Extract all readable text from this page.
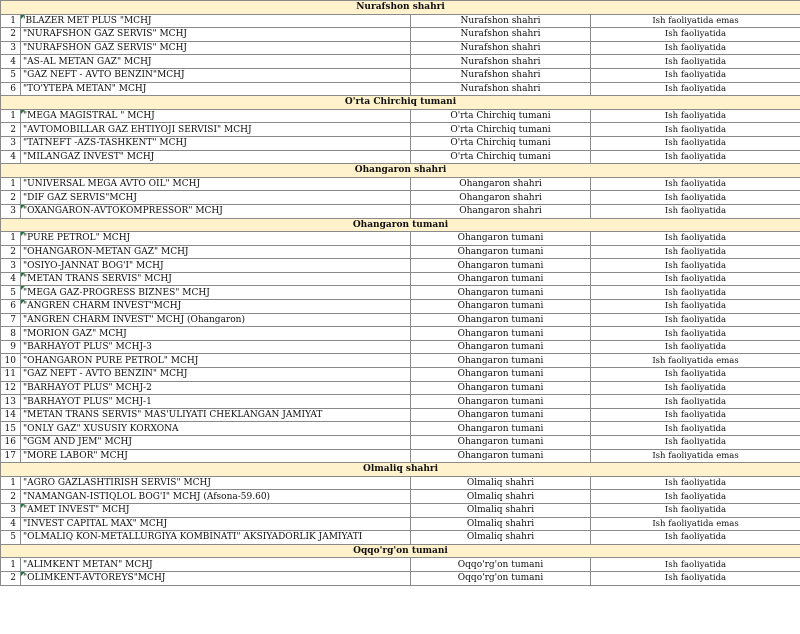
Nurafshon shahri			
1	'BLAZER MET PLUS "MCHJ	Nurafshon shahri	Ish faoliyatida emas
2	"NURAFSHON GAZ SERVIS" MCHJ	Nurafshon shahri	Ish faoliyatida
3	"NURAFSHON GAZ SERVIS" MCHJ	Nurafshon shahri	Ish faoliyatida
4	"AS-AL METAN GAZ" MCHJ	Nurafshon shahri	Ish faoliyatida
5	"GAZ NEFT - AVTO BENZIN"MCHJ	Nurafshon shahri	Ish faoliyatida
6	"TO'YTEPA METAN" MCHJ	Nurafshon shahri	Ish faoliyatida
O'rta Chirchiq tumani			
1	"MEGA MAGISTRAL " MCHJ	O'rta Chirchiq tumani	Ish faoliyatida
2	"AVTOMOBILLAR GAZ EHTIYOJI SERVISI" MCHJ	O'rta Chirchiq tumani	Ish faoliyatida
3	"TATNEFT -AZS-TASHKENT" MCHJ	O'rta Chirchiq tumani	Ish faoliyatida
4	"MILANGAZ INVEST" MCHJ	O'rta Chirchiq tumani	Ish faoliyatida
Ohangaron shahri			
1	"UNIVERSAL MEGA AVTO OIL" MCHJ	Ohangaron shahri	Ish faoliyatida
2	"DIF GAZ SERVIS"MCHJ	Ohangaron shahri	Ish faoliyatida
3	"OXANGARON-AVTOKOMPRESSOR" MCHJ	Ohangaron shahri	Ish faoliyatida
Ohangaron tumani			
1	"PURE PETROL" MCHJ	Ohangaron tumani	Ish faoliyatida
2	"OHANGARON-METAN GAZ" MCHJ	Ohangaron tumani	Ish faoliyatida
3	"OSIYO-JANNAT BOG'I" MCHJ	Ohangaron tumani	Ish faoliyatida
4	"METAN TRANS SERVIS" MCHJ	Ohangaron tumani	Ish faoliyatida
5	"MEGA GAZ-PROGRESS BIZNES" MCHJ	Ohangaron tumani	Ish faoliyatida
6	"ANGREN CHARM INVEST"MCHJ	Ohangaron tumani	Ish faoliyatida
7	"ANGREN CHARM INVEST" MCHJ (Ohangaron)	Ohangaron tumani	Ish faoliyatida
8	"MORION GAZ" MCHJ	Ohangaron tumani	Ish faoliyatida
9	"BARHAYOT PLUS" MCHJ-3	Ohangaron tumani	Ish faoliyatida
10	"OHANGARON PURE PETROL" MCHJ	Ohangaron tumani	Ish faoliyatida emas
11	"GAZ NEFT - AVTO BENZIN" MCHJ	Ohangaron tumani	Ish faoliyatida
12	"BARHAYOT PLUS" MCHJ-2	Ohangaron tumani	Ish faoliyatida
13	"BARHAYOT PLUS" MCHJ-1	Ohangaron tumani	Ish faoliyatida
14	"METAN TRANS SERVIS" MAS'ULIYATI CHEKLANGAN JAMIYAT	Ohangaron tumani	Ish faoliyatida
15	"ONLY GAZ" XUSUSIY KORXONA	Ohangaron tumani	Ish faoliyatida
16	"GGM AND JEM" MCHJ	Ohangaron tumani	Ish faoliyatida
17	"MORE LABOR" MCHJ	Ohangaron tumani	Ish faoliyatida emas
Olmaliq shahri			
1	"AGRO GAZLASHTIRISH SERVIS" MCHJ	Olmaliq shahri	Ish faoliyatida
2	"NAMANGAN-ISTIQLOL BOG'I" MCHJ (Afsona-59.60)	Olmaliq shahri	Ish faoliyatida
3	"AMET INVEST" MCHJ	Olmaliq shahri	Ish faoliyatida
4	"INVEST CAPITAL MAX" MCHJ	Olmaliq shahri	Ish faoliyatida emas
5	"OLMALIQ KON-METALLURGIYA KOMBINATI" AKSIYADORLIK JAMIYATI	Olmaliq shahri	Ish faoliyatida
Oqqo'rg'on tumani			
1	"ALIMKENT METAN" MCHJ	Oqqo'rg'on tumani	Ish faoliyatida
2	"OLIMKENT-AVTOREYS"MCHJ	Oqqo'rg'on tumani	Ish faoliyatida
